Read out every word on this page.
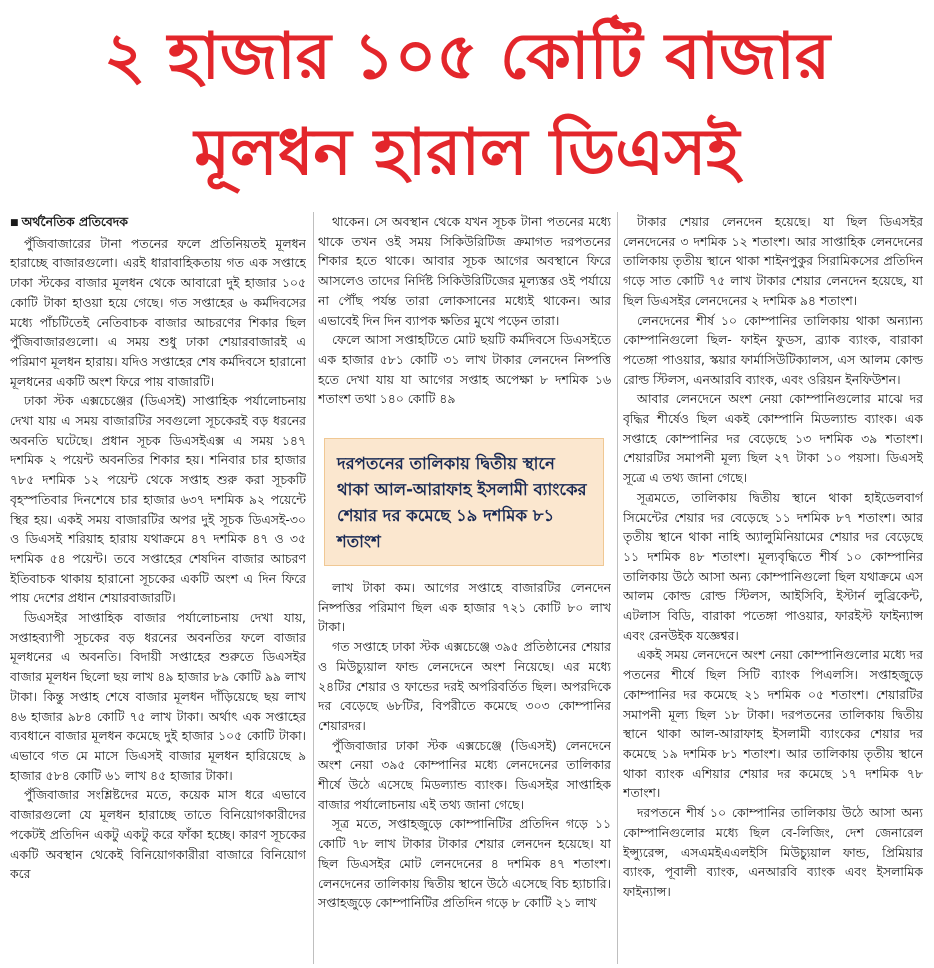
২ হাজার ১০৫ কোটি বাজার
মূলধন হারাল ডিএসই

■ অর্থনৈতিক প্রতিবেদক

পুঁজিবাজারের টানা পতনের ফলে প্রতিনিয়তই মূলধন হারাচ্ছে বাজারগুলো। এরই ধারাবাহিকতায় গত এক সপ্তাহে ঢাকা স্টকের বাজার মূলধন থেকে আবারো দুই হাজার ১০৫ কোটি টাকা হাওয়া হয়ে গেছে। গত সপ্তাহের ৬ কর্মদিবসের মধ্যে পাঁচটিতেই নেতিবাচক বাজার আচরণের শিকার ছিল পুঁজিবাজারগুলো। এ সময় শুধু ঢাকা শেয়ারবাজারই এ পরিমাণ মূলধন হারায়। যদিও সপ্তাহের শেষ কর্মদিবসে হারানো মূলধনের একটি অংশ ফিরে পায় বাজারটি।

ঢাকা স্টক এক্সচেঞ্জের (ডিএসই) সাপ্তাহিক পর্যালোচনায় দেখা যায় এ সময় বাজারটির সবগুলো সূচকেরই বড় ধরনের অবনতি ঘটেছে। প্রধান সূচক ডিএসইএক্স এ সময় ১৪৭ দশমিক ২ পয়েন্ট অবনতির শিকার হয়। শনিবার চার হাজার ৭৮৫ দশমিক ১২ পয়েন্ট থেকে সপ্তাহ শুরু করা সূচকটি বৃহস্পতিবার দিনশেষে চার হাজার ৬৩৭ দশমিক ৯২ পয়েন্টে স্থির হয়। একই সময় বাজারটির অপর দুই সূচক ডিএসই-৩০ ও ডিএসই শরিয়াহ হারায় যথাক্রমে ৪৭ দশমিক ৪৭ ও ৩৫ দশমিক ৫৪ পয়েন্ট। তবে সপ্তাহের শেষদিন বাজার আচরণ ইতিবাচক থাকায় হারানো সূচকের একটি অংশ এ দিন ফিরে পায় দেশের প্রধান শেয়ারবাজারটি।

ডিএসইর সাপ্তাহিক বাজার পর্যালোচনায় দেখা যায়, সপ্তাহব্যাপী সূচকের বড় ধরনের অবনতির ফলে বাজার মূলধনের এ অবনতি। বিদায়ী সপ্তাহের শুরুতে ডিএসইর বাজার মূলধন ছিলো ছয় লাখ ৪৯ হাজার ৮৯ কোটি ৯৯ লাখ টাকা। কিন্তু সপ্তাহ শেষে বাজার মূলধন দাঁড়িয়েছে ছয় লাখ ৪৬ হাজার ৯৮৪ কোটি ৭৫ লাখ টাকা। অর্থাৎ এক সপ্তাহের ব্যবধানে বাজার মূলধন কমেছে দুই হাজার ১০৫ কোটি টাকা। এভাবে গত মে মাসে ডিএসই বাজার মূলধন হারিয়েছে ৯ হাজার ৫৮৪ কোটি ৬১ লাখ ৪৫ হাজার টাকা।

পুঁজিবাজার সংশ্লিষ্টদের মতে, কয়েক মাস ধরে এভাবে বাজারগুলো যে মূলধন হারাচ্ছে তাতে বিনিয়োগকারীদের পকেটই প্রতিদিন একটু একটু করে ফাঁকা হচ্ছে। কারণ সূচকের একটি অবস্থান থেকেই বিনিয়োগকারীরা বাজারে বিনিয়োগ করে

থাকেন। সে অবস্থান থেকে যখন সূচক টানা পতনের মধ্যে থাকে তখন ওই সময় সিকিউরিটিজ ক্রমাগত দরপতনের শিকার হতে থাকে। আবার সূচক আগের অবস্থানে ফিরে আসলেও তাদের নির্দিষ্ট সিকিউরিটিজের মূল্যস্তর ওই পর্যায়ে না পৌঁছ পর্যন্ত তারা লোকসানের মধ্যেই থাকেন। আর এভাবেই দিন দিন ব্যাপক ক্ষতির মুখে পড়েন তারা।

ফেলে আসা সপ্তাহটিতে মোট ছয়টি কর্মদিবসে ডিএসইতে এক হাজার ৫৮১ কোটি ৩১ লাখ টাকার লেনদেন নিষ্পত্তি হতে দেখা যায় যা আগের সপ্তাহ অপেক্ষা ৮ দশমিক ১৬ শতাংশ তথা ১৪০ কোটি ৪৯

দরপতনের তালিকায় দ্বিতীয় স্থানে থাকা আল-আরাফাহ ইসলামী ব্যাংকের শেয়ার দর কমেছে ১৯ দশমিক ৮১ শতাংশ

লাখ টাকা কম। আগের সপ্তাহে বাজারটির লেনদেন নিষ্পত্তির পরিমাণ ছিল এক হাজার ৭২১ কোটি ৮০ লাখ টাকা।

গত সপ্তাহে ঢাকা স্টক এক্সচেঞ্জে ৩৯৫ প্রতিষ্ঠানের শেয়ার ও মিউচ্যুয়াল ফান্ড লেনদেনে অংশ নিয়েছে। এর মধ্যে ২৪টির শেয়ার ও ফান্ডের দরই অপরিবর্তিত ছিল। অপরদিকে দর বেড়েছে ৬৮টির, বিপরীতে কমেছে ৩০৩ কোম্পানির শেয়ারদর।

পুঁজিবাজার ঢাকা স্টক এক্সচেঞ্জে (ডিএসই) লেনদেনে অংশ নেয়া ৩৯৫ কোম্পানির মধ্যে লেনদেনের তালিকার শীর্ষে উঠে এসেছে মিডল্যান্ড ব্যাংক। ডিএসইর সাপ্তাহিক বাজার পর্যালোচনায় এই তথ্য জানা গেছে।

সূত্র মতে, সপ্তাহজুড়ে কোম্পানিটির প্রতিদিন গড়ে ১১ কোটি ৭৮ লাখ টাকার টাকার শেয়ার লেনদেন হয়েছে। যা ছিল ডিএসইর মোট লেনদেনের ৪ দশমিক ৪৭ শতাংশ। লেনদেনের তালিকায় দ্বিতীয় স্থানে উঠে এসেছে বিচ হ্যাচারি। সপ্তাহজুড়ে কোম্পানিটির প্রতিদিন গড়ে ৮ কোটি ২১ লাখ

টাকার শেয়ার লেনদেন হয়েছে। যা ছিল ডিএসইর লেনদেনের ৩ দশমিক ১২ শতাংশ। আর সাপ্তাহিক লেনদেনের তালিকায় তৃতীয় স্থানে থাকা শাইনপুকুর সিরামিকসের প্রতিদিন গড়ে সাত কোটি ৭৫ লাখ টাকার শেয়ার লেনদেন হয়েছে, যা ছিল ডিএসইর লেনদেনের ২ দশমিক ৯৪ শতাংশ।

লেনদেনের শীর্ষ ১০ কোম্পানির তালিকায় থাকা অন্যান্য কোম্পানিগুলো ছিল- ফাইন ফুডস, ব্র্যাক ব্যাংক, বারাকা পতেঙ্গা পাওয়ার, স্কয়ার ফার্মাসিউটিক্যালস, এস আলম কোল্ড রোল্ড স্টিলস, এনআরবি ব্যাংক, এবং ওরিয়ন ইনফিউশন।

আবার লেনদেনে অংশ নেয়া কোম্পানিগুলোর মাঝে দর বৃদ্ধির শীর্ষেও ছিল একই কোম্পানি মিডল্যান্ড ব্যাংক। এক সপ্তাহে কোম্পানির দর বেড়েছে ১৩ দশমিক ৩৯ শতাংশ। শেয়ারটির সমাপনী মূল্য ছিল ২৭ টাকা ১০ পয়সা। ডিএসই সূত্রে এ তথ্য জানা গেছে।

সূত্রমতে, তালিকায় দ্বিতীয় স্থানে থাকা হাইডেলবার্গ সিমেন্টের শেয়ার দর বেড়েছে ১১ দশমিক ৮৭ শতাংশ। আর তৃতীয় স্থানে থাকা নাহি অ্যালুমিনিয়ামের শেয়ার দর বেড়েছে ১১ দশমিক ৪৮ শতাংশ। মূল্যবৃদ্ধিতে শীর্ষ ১০ কোম্পানির তালিকায় উঠে আসা অন্য কোম্পানিগুলো ছিল যথাক্রমে এস আলম কোল্ড রোল্ড স্টিলস, আইসিবি, ইস্টার্ন লুব্রিকেন্ট, এটলাস বিডি, বারাকা পতেঙ্গা পাওয়ার, ফারইস্ট ফাইন্যান্স এবং রেনউইক যজ্ঞেশ্বর।

একই সময় লেনদেনে অংশ নেয়া কোম্পানিগুলোর মধ্যে দর পতনের শীর্ষে ছিল সিটি ব্যাংক পিএলসি। সপ্তাহজুড়ে কোম্পানির দর কমেছে ২১ দশমিক ০৫ শতাংশ। শেয়ারটির সমাপনী মূল্য ছিল ১৮ টাকা। দরপতনের তালিকায় দ্বিতীয় স্থানে থাকা আল-আরাফাহ ইসলামী ব্যাংকের শেয়ার দর কমেছে ১৯ দশমিক ৮১ শতাংশ। আর তালিকায় তৃতীয় স্থানে থাকা ব্যাংক এশিয়ার শেয়ার দর কমেছে ১৭ দশমিক ৭৮ শতাংশ।

দরপতনে শীর্ষ ১০ কোম্পানির তালিকায় উঠে আসা অন্য কোম্পানিগুলোর মধ্যে ছিল বে-লিজিং, দেশ জেনারেল ইন্স্যুরেন্স, এসএমইএএলইসি মিউচ্যুয়াল ফান্ড, প্রিমিয়ার ব্যাংক, পূবালী ব্যাংক, এনআরবি ব্যাংক এবং ইসলামিক ফাইন্যান্স।
